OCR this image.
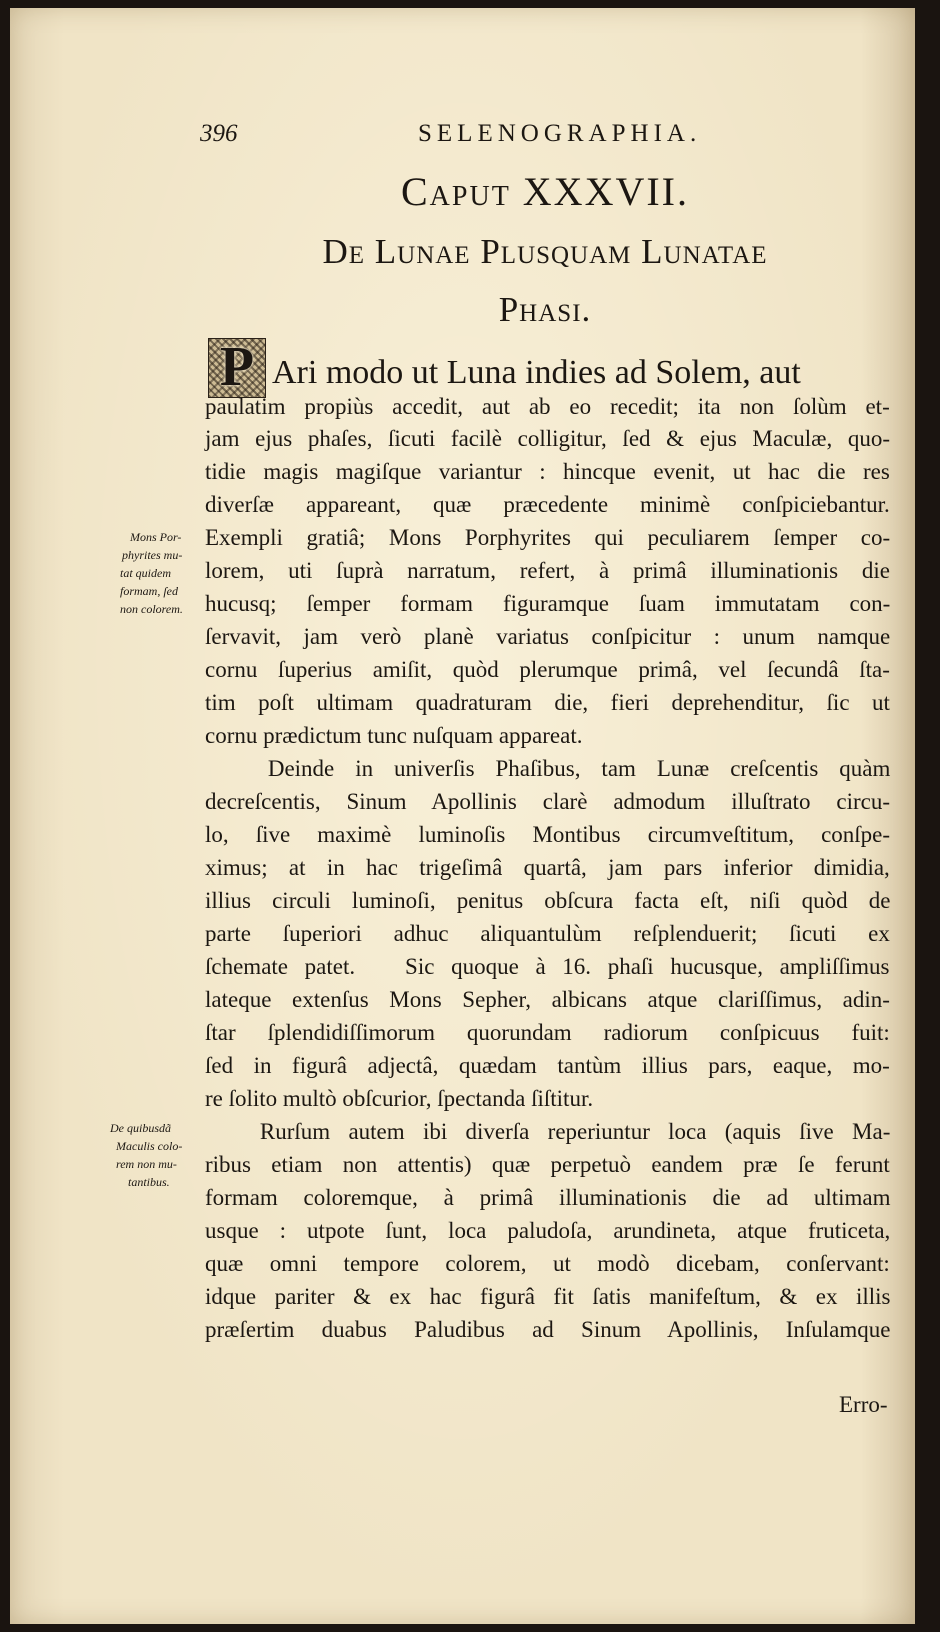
396	SELENOGRAPHIA.
Caput XXXVII.
De Lunae Plusquam Lunatae
Phasi.
P Ari modo ut Luna indies ad Solem, aut
paulatim propiùs accedit, aut ab eo recedit; ita non ſolùm et-
jam ejus phaſes, ſicuti facilè colligitur, ſed & ejus Maculæ, quo-
tidie magis magiſque variantur : hincque evenit, ut hac die res
diverſæ appareant, quæ præcedente minimè conſpiciebantur.
Exempli gratiâ; Mons Porphyrites qui peculiarem ſemper co-
lorem, uti ſuprà narratum, refert, à primâ illuminationis die
hucusq; ſemper formam figuramque ſuam immutatam con-
ſervavit, jam verò planè variatus conſpicitur : unum namque
cornu ſuperius amiſit, quòd plerumque primâ, vel ſecundâ ſta-
tim poſt ultimam quadraturam die, fieri deprehenditur, ſic ut
cornu prædictum tunc nuſquam appareat.
Deinde in univerſis Phaſibus, tam Lunæ creſcentis quàm
decreſcentis, Sinum Apollinis clarè admodum illuſtrato circu-
lo, ſive maximè luminoſis Montibus circumveſtitum, conſpe-
ximus; at in hac trigeſimâ quartâ, jam pars inferior dimidia,
illius circuli luminoſi, penitus obſcura facta eſt, niſi quòd de
parte ſuperiori adhuc aliquantulùm reſplenduerit; ſicuti ex
ſchemate patet.   Sic quoque à 16. phaſi hucusque, ampliſſimus
lateque extenſus Mons Sepher, albicans atque clariſſimus, adin-
ſtar ſplendidiſſimorum quorundam radiorum conſpicuus fuit:
ſed in figurâ adjectâ, quædam tantùm illius pars, eaque, mo-
re ſolito multò obſcurior, ſpectanda ſiſtitur.
Rurſum autem ibi diverſa reperiuntur loca (aquis ſive Ma-
ribus etiam non attentis) quæ perpetuò eandem præ ſe ferunt
formam coloremque, à primâ illuminationis die ad ultimam
usque : utpote ſunt, loca paludoſa, arundineta, atque fruticeta,
quæ omni tempore colorem, ut modò dicebam, conſervant:
idque pariter & ex hac figurâ fit ſatis manifeſtum, & ex illis
præſertim duabus Paludibus ad Sinum Apollinis, Inſulamque
Erro-
Mons Por-
phyrites mu-
tat quidem
formam, ſed
non colorem.
De quibusdã
Maculis colo-
rem non mu-
tantibus.
